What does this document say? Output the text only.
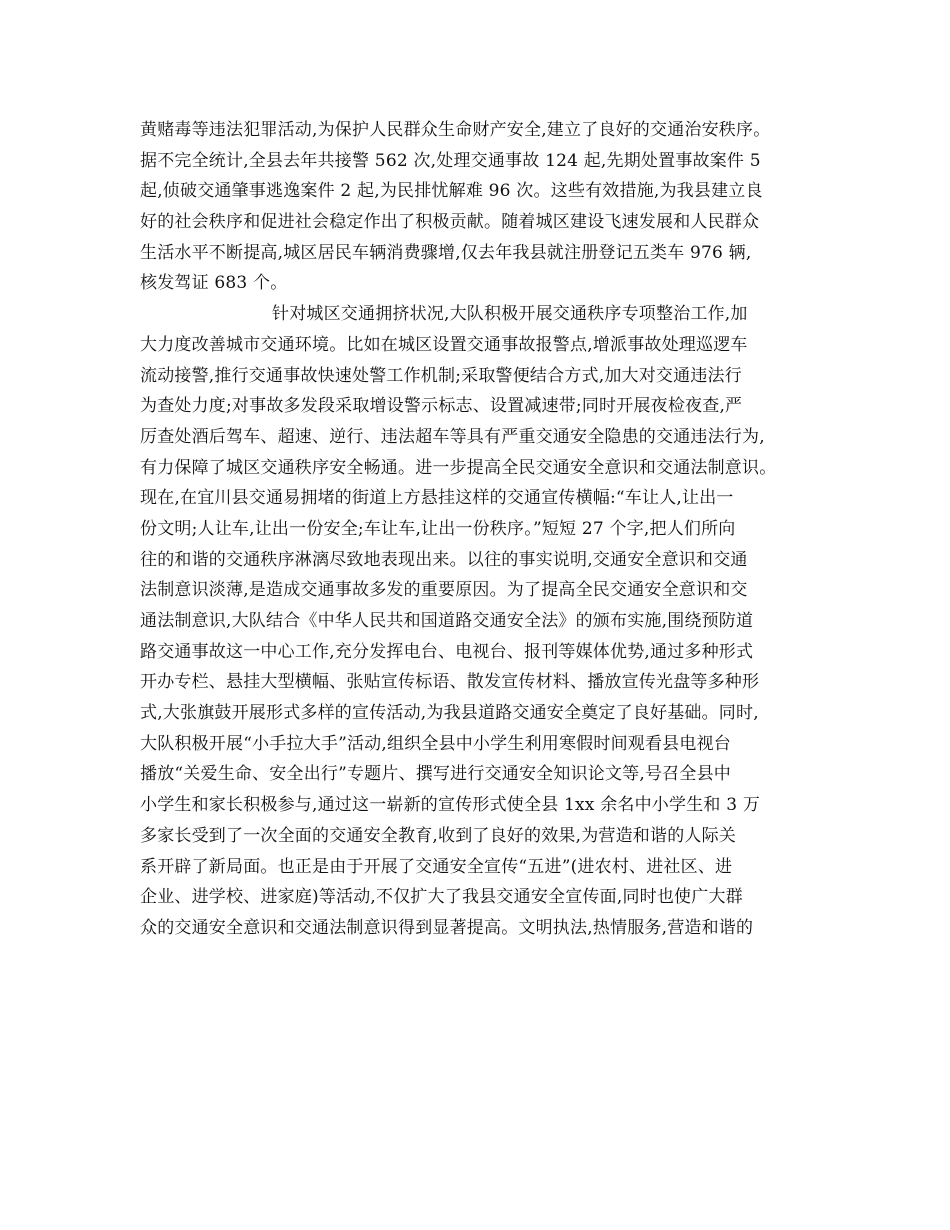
黄赌毒等违法犯罪活动,为保护人民群众生命财产安全,建立了良好的交通治安秩序。
据不完全统计,全县去年共接警 562 次,处理交通事故 124 起,先期处置事故案件 5
起,侦破交通肇事逃逸案件 2 起,为民排忧解难 96 次。这些有效措施,为我县建立良
好的社会秩序和促进社会稳定作出了积极贡献。随着城区建设飞速发展和人民群众
生活水平不断提高,城区居民车辆消费骤增,仅去年我县就注册登记五类车 976 辆,
核发驾证 683 个。
针对城区交通拥挤状况,大队积极开展交通秩序专项整治工作,加
大力度改善城市交通环境。比如在城区设置交通事故报警点,增派事故处理巡逻车
流动接警,推行交通事故快速处警工作机制;采取警便结合方式,加大对交通违法行
为查处力度;对事故多发段采取增设警示标志、设置减速带;同时开展夜检夜查,严
厉查处酒后驾车、超速、逆行、违法超车等具有严重交通安全隐患的交通违法行为,
有力保障了城区交通秩序安全畅通。进一步提高全民交通安全意识和交通法制意识。
现在,在宜川县交通易拥堵的街道上方悬挂这样的交通宣传横幅:“车让人,让出一
份文明;人让车,让出一份安全;车让车,让出一份秩序。”短短 27 个字,把人们所向
往的和谐的交通秩序淋漓尽致地表现出来。以往的事实说明,交通安全意识和交通
法制意识淡薄,是造成交通事故多发的重要原因。为了提高全民交通安全意识和交
通法制意识,大队结合《中华人民共和国道路交通安全法》的颁布实施,围绕预防道
路交通事故这一中心工作,充分发挥电台、电视台、报刊等媒体优势,通过多种形式
开办专栏、悬挂大型横幅、张贴宣传标语、散发宣传材料、播放宣传光盘等多种形
式,大张旗鼓开展形式多样的宣传活动,为我县道路交通安全奠定了良好基础。同时,
大队积极开展“小手拉大手”活动,组织全县中小学生利用寒假时间观看县电视台
播放“关爱生命、安全出行”专题片、撰写进行交通安全知识论文等,号召全县中
小学生和家长积极参与,通过这一崭新的宣传形式使全县 1xx 余名中小学生和 3 万
多家长受到了一次全面的交通安全教育,收到了良好的效果,为营造和谐的人际关
系开辟了新局面。也正是由于开展了交通安全宣传“五进”(进农村、进社区、进
企业、进学校、进家庭)等活动,不仅扩大了我县交通安全宣传面,同时也使广大群
众的交通安全意识和交通法制意识得到显著提高。文明执法,热情服务,营造和谐的
